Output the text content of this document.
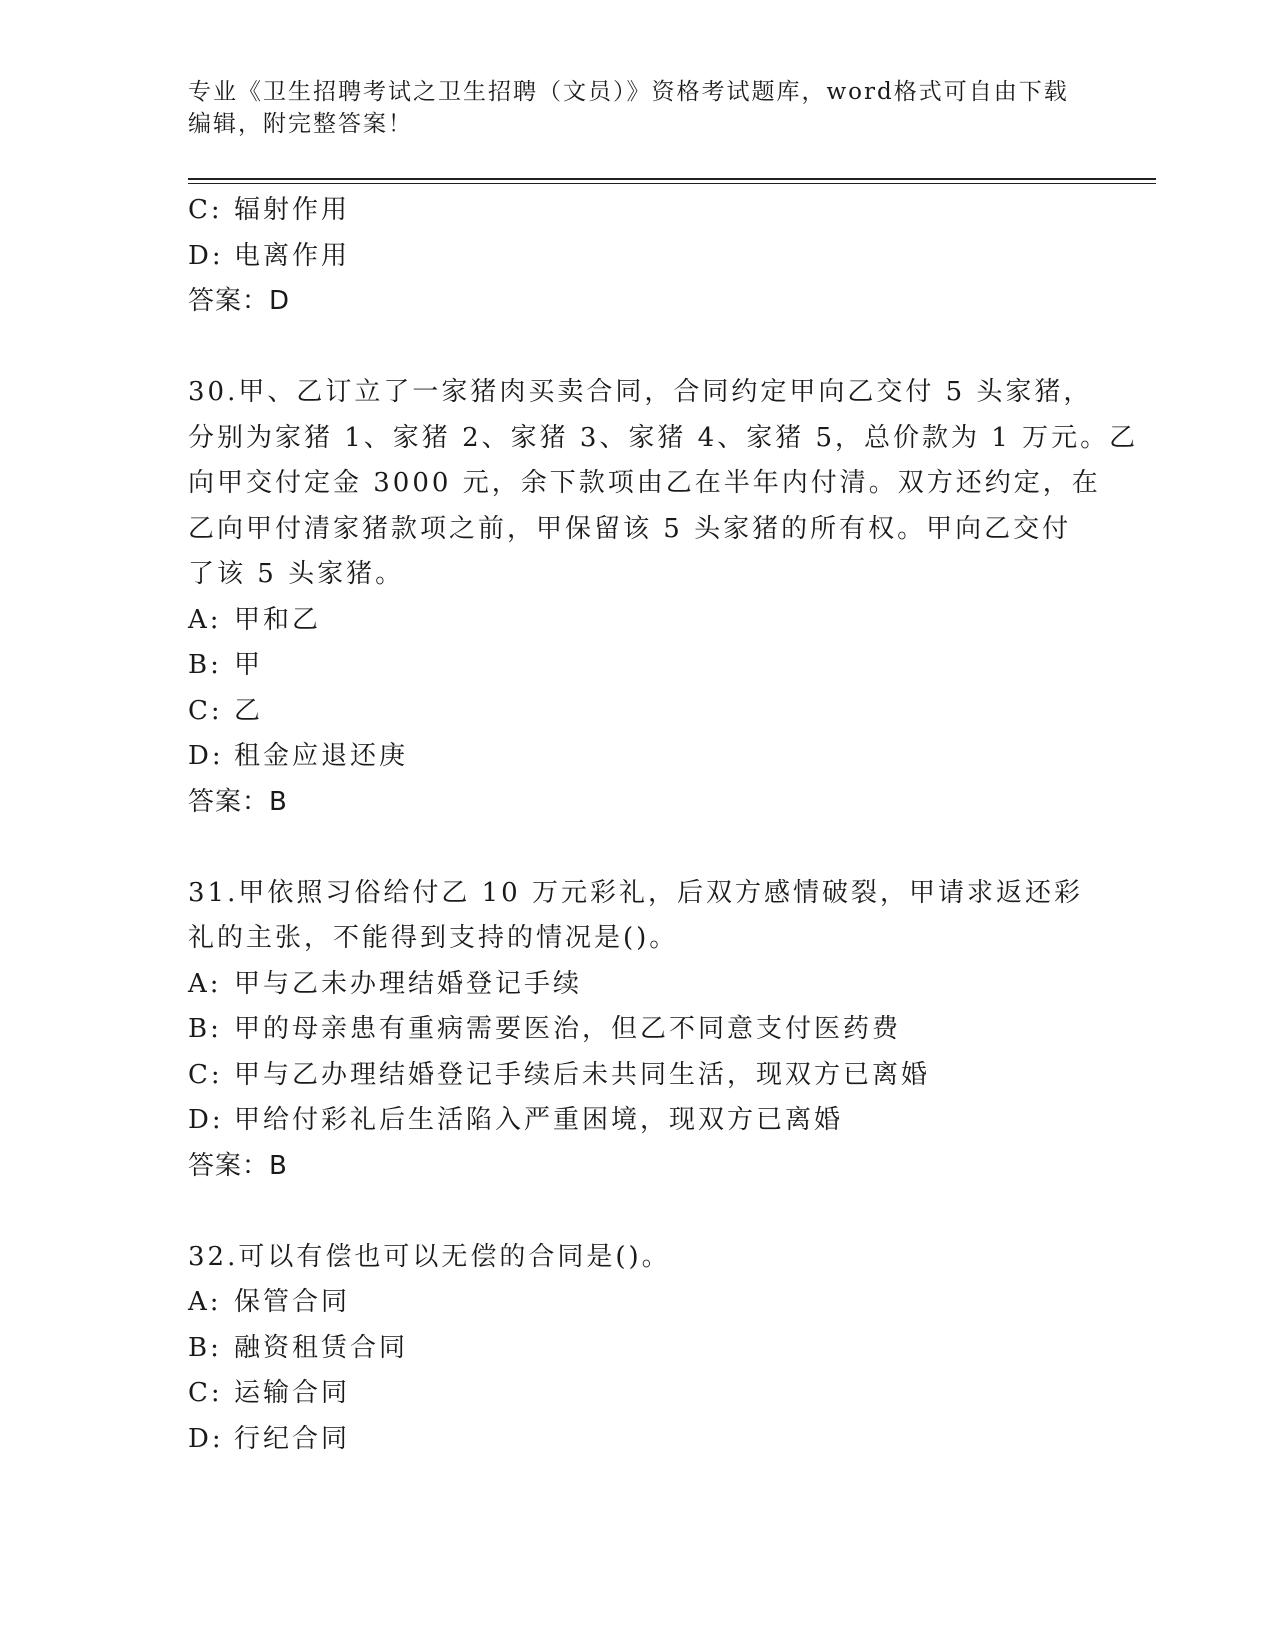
专业《卫生招聘考试之卫生招聘（文员）》资格考试题库，word格式可自由下载

编辑，附完整答案！

C: 辐射作用
D: 电离作用
答案：D
30.甲、乙订立了一家猪肉买卖合同，合同约定甲向乙交付 5 头家猪，
分别为家猪 1、家猪 2、家猪 3、家猪 4、家猪 5，总价款为 1 万元。乙
向甲交付定金 3000 元，余下款项由乙在半年内付清。双方还约定，在
乙向甲付清家猪款项之前，甲保留该 5 头家猪的所有权。甲向乙交付
了该 5 头家猪。
A: 甲和乙
B: 甲
C: 乙
D: 租金应退还庚
答案：B
31.甲依照习俗给付乙 10 万元彩礼，后双方感情破裂，甲请求返还彩
礼的主张，不能得到支持的情况是()。
A: 甲与乙未办理结婚登记手续
B: 甲的母亲患有重病需要医治，但乙不同意支付医药费
C: 甲与乙办理结婚登记手续后未共同生活，现双方已离婚
D: 甲给付彩礼后生活陷入严重困境，现双方已离婚
答案：B
32.可以有偿也可以无偿的合同是()。
A: 保管合同
B: 融资租赁合同
C: 运输合同
D: 行纪合同
